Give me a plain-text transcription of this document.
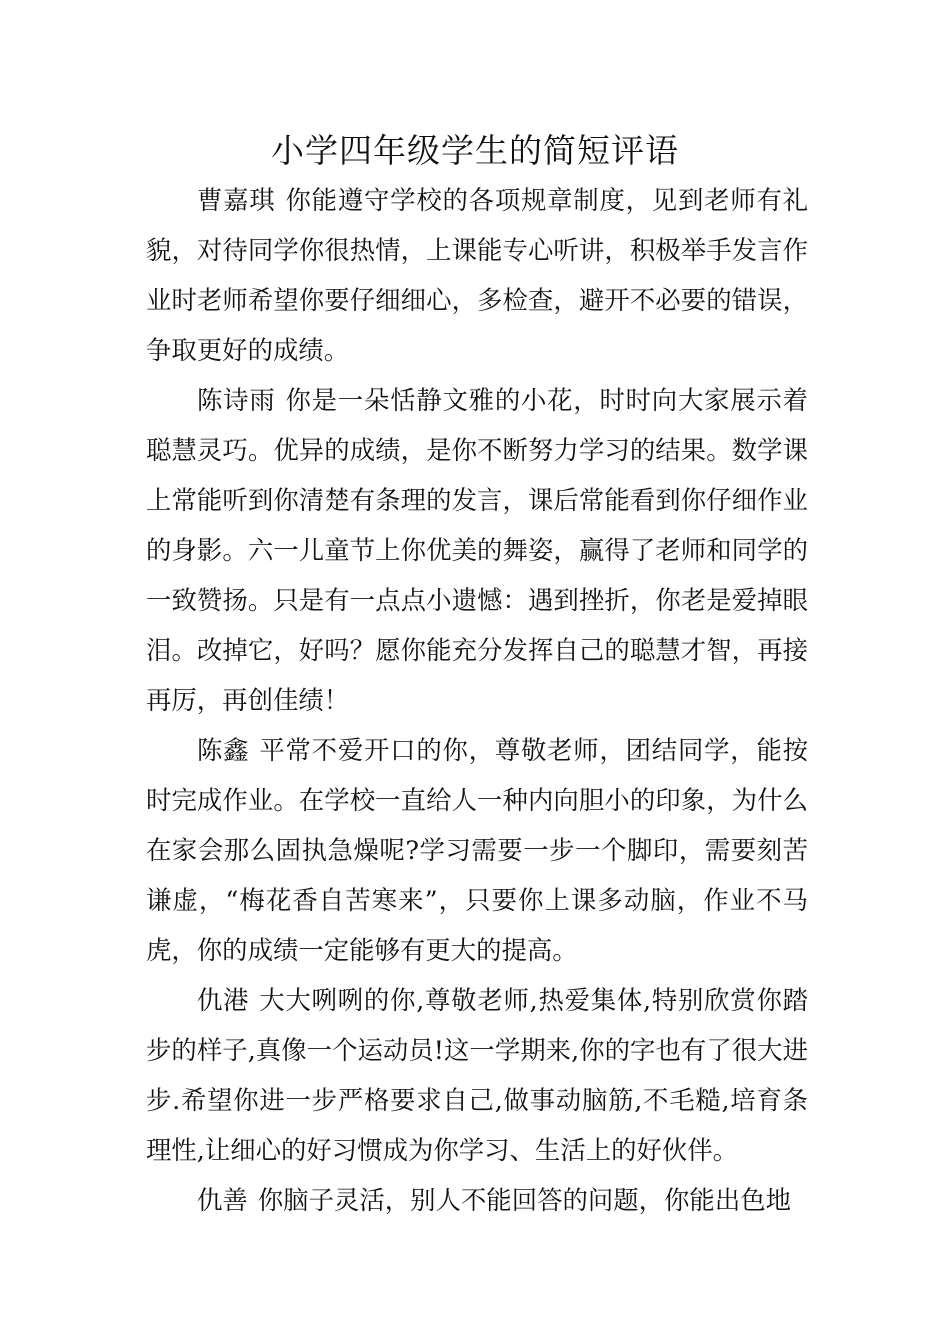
小学四年级学生的简短评语

曹嘉琪 你能遵守学校的各项规章制度，见到老师有礼貌，对待同学你很热情，上课能专心听讲，积极举手发言作业时老师希望你要仔细细心，多检查，避开不必要的错误，争取更好的成绩。

陈诗雨 你是一朵恬静文雅的小花，时时向大家展示着聪慧灵巧。优异的成绩，是你不断努力学习的结果。数学课上常能听到你清楚有条理的发言，课后常能看到你仔细作业的身影。六一儿童节上你优美的舞姿，赢得了老师和同学的一致赞扬。只是有一点点小遗憾：遇到挫折，你老是爱掉眼泪。改掉它，好吗？愿你能充分发挥自己的聪慧才智，再接再厉，再创佳绩！

陈鑫 平常不爱开口的你，尊敬老师，团结同学，能按时完成作业。在学校一直给人一种内向胆小的印象，为什么在家会那么固执急燥呢?学习需要一步一个脚印，需要刻苦谦虚，“梅花香自苦寒来”，只要你上课多动脑，作业不马虎，你的成绩一定能够有更大的提高。

仇港 大大咧咧的你,尊敬老师,热爱集体,特别欣赏你踏步的样子,真像一个运动员!这一学期来,你的字也有了很大进步.希望你进一步严格要求自己,做事动脑筋,不毛糙,培育条理性,让细心的好习惯成为你学习、生活上的好伙伴。

仇善 你脑子灵活，别人不能回答的问题，你能出色地
